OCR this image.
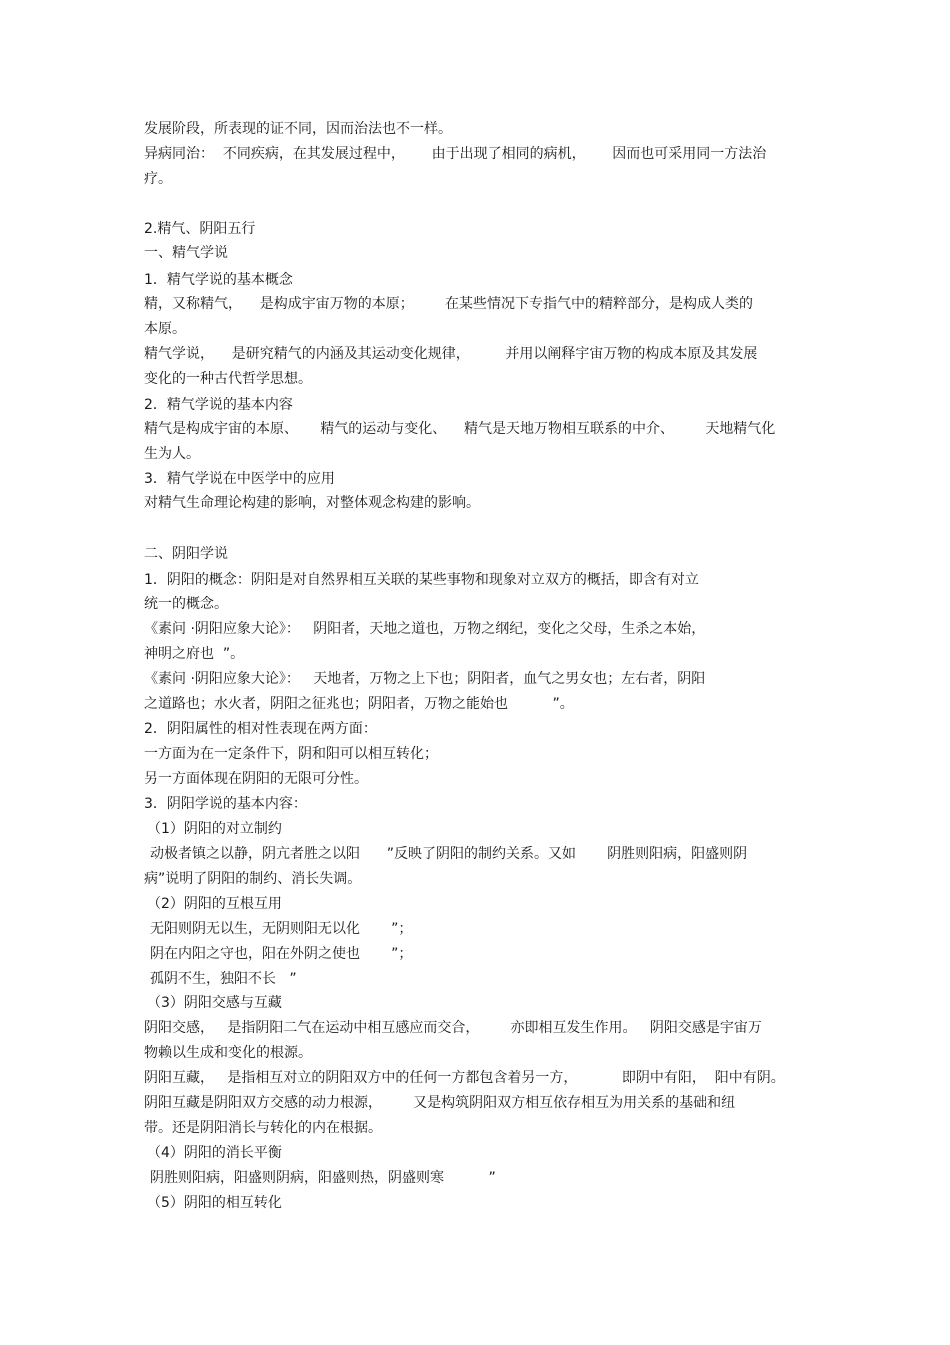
发展阶段，所表现的证不同，因而治法也不一样。

异病同治：  不同疾病，在其发展过程中，      由于出现了相同的病机，      因而也可采用同一方法治

疗。

2.精气、阴阳五行

一、精气学说

1．精气学说的基本概念

精，又称精气，    是构成宇宙万物的本原；       在某些情况下专指气中的精粹部分，是构成人类的

本原。

精气学说，    是研究精气的内涵及其运动变化规律，        并用以阐释宇宙万物的构成本原及其发展

变化的一种古代哲学思想。

2．精气学说的基本内容

精气是构成宇宙的本原、     精气的运动与变化、    精气是天地万物相互联系的中介、       天地精气化

生为人。

3．精气学说在中医学中的应用

对精气生命理论构建的影响，对整体观念构建的影响。

二、阴阳学说

1．阴阳的概念：阴阳是对自然界相互关联的某些事物和现象对立双方的概括，即含有对立

统一的概念。

《素问 ·阴阳应象大论》：   阴阳者，天地之道也，万物之纲纪，变化之父母，生杀之本始，

神明之府也  ”。

《素问 ·阴阳应象大论》：   天地者，万物之上下也；阴阳者，血气之男女也；左右者，阴阳

之道路也；水火者，阴阳之征兆也；阴阳者，万物之能始也          ”。

2．阴阳属性的相对性表现在两方面：

一方面为在一定条件下，阴和阳可以相互转化；

另一方面体现在阴阳的无限可分性。

3．阴阳学说的基本内容：

（1）阴阳的对立制约

动极者镇之以静，阴亢者胜之以阳      ”反映了阴阳的制约关系。又如       阴胜则阳病，阳盛则阴

病”说明了阴阳的制约、消长失调。

（2）阴阳的互根互用

无阳则阴无以生，无阴则阳无以化       ”；

阴在内阳之守也，阳在外阴之使也       ”；

孤阴不生，独阳不长   ”

（3）阴阳交感与互藏

阴阳交感，   是指阴阳二气在运动中相互感应而交合，       亦即相互发生作用。   阴阳交感是宇宙万

物赖以生成和变化的根源。

阴阳互藏，   是指相互对立的阴阳双方中的任何一方都包含着另一方，          即阴中有阳，  阳中有阴。

阴阳互藏是阴阳双方交感的动力根源，       又是构筑阴阳双方相互依存相互为用关系的基础和纽

带。还是阴阳消长与转化的内在根据。

（4）阴阳的消长平衡

阴胜则阳病，阳盛则阴病，阳盛则热，阴盛则寒          ”

（5）阴阳的相互转化
